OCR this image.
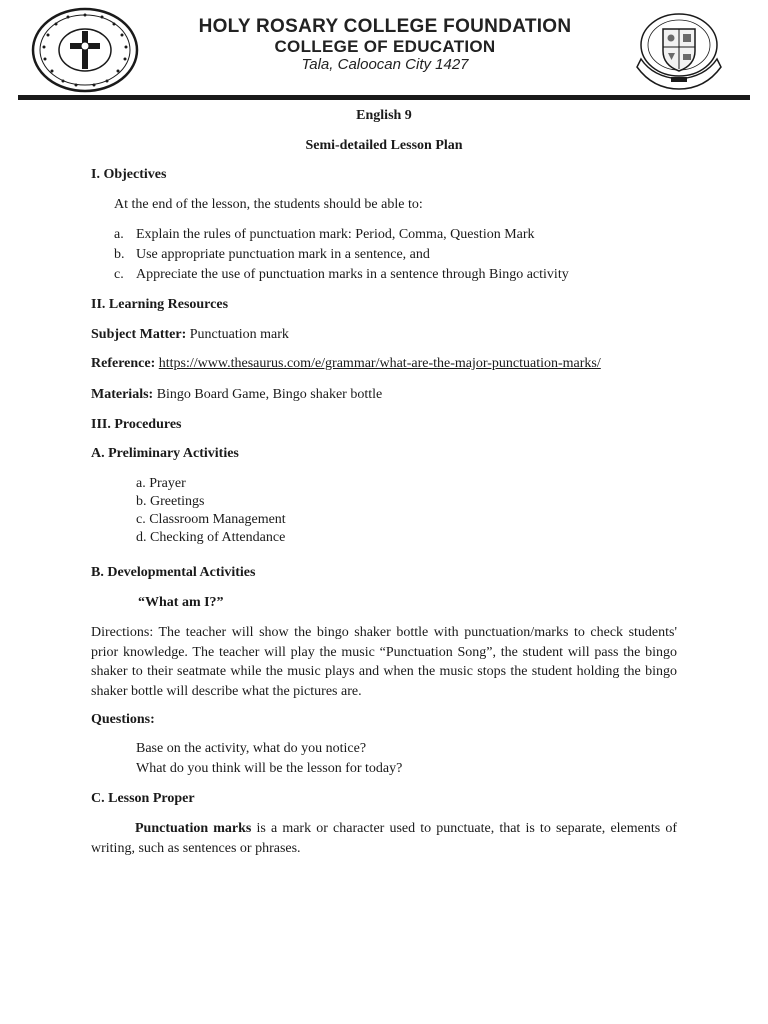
HOLY ROSARY COLLEGE FOUNDATION
COLLEGE OF EDUCATION
Tala, Caloocan City 1427
English 9
Semi-detailed Lesson Plan
I. Objectives
At the end of the lesson, the students should be able to:
a. Explain the rules of punctuation mark: Period, Comma, Question Mark
b. Use appropriate punctuation mark in a sentence, and
c. Appreciate the use of punctuation marks in a sentence through Bingo activity
II. Learning Resources
Subject Matter: Punctuation mark
Reference: https://www.thesaurus.com/e/grammar/what-are-the-major-punctuation-marks/
Materials: Bingo Board Game, Bingo shaker bottle
III. Procedures
A. Preliminary Activities
a. Prayer
b. Greetings
c. Classroom Management
d. Checking of Attendance
B. Developmental Activities
“What am I?”
Directions: The teacher will show the bingo shaker bottle with punctuation/marks to check students' prior knowledge. The teacher will play the music “Punctuation Song”, the student will pass the bingo shaker to their seatmate while the music plays and when the music stops the student holding the bingo shaker bottle will describe what the pictures are.
Questions:
Base on the activity, what do you notice?
What do you think will be the lesson for today?
C. Lesson Proper
Punctuation marks is a mark or character used to punctuate, that is to separate, elements of writing, such as sentences or phrases.
